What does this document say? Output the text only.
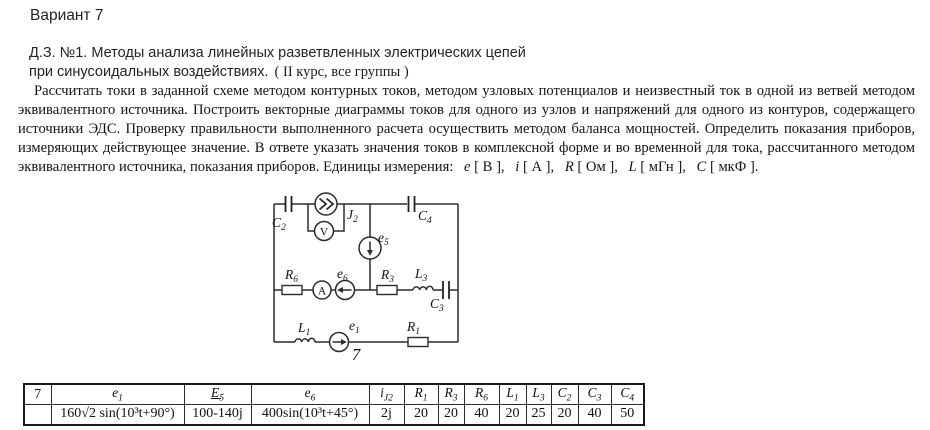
Вариант 7
Д.З. №1. Методы анализа линейных разветвленных электрических цепей
при синусоидальных воздействиях. ( II курс, все группы )

Рассчитать токи в заданной схеме методом контурных токов, методом узловых потенциалов и неизвестный ток в одной из ветвей методом эквивалентного источника. Построить векторные диаграммы токов для одного из узлов и напряжений для одного из контуров, содержащего источники ЭДС. Проверку правильности выполненного расчета осуществить методом баланса мощностей. Определить показания приборов, измеряющих действующее значение. В ответе указать значения токов в комплексной форме и во временной для тока, рассчитанного методом эквивалентного источника, показания приборов. Единицы измерения: e [ В ], i [ А ], R [ Ом ], L [ мГн ], C [ мкФ ].

V
A
$C_2$
$J_2$	$C_4$
$e_5$
$R_6$	$e_6$ $R_3$ $L_3$
$C_3$
$L_1$	$e_1$	$R_1$
7
7	$e_1$	$E_5$	$e_6$	$i_{J2}$	$R_1$	$R_3$	$R_6$	$L_1$	$L_3$	$C_2$	$C_3$	$C_4$
	160√2 sin(10³t+90°)	100-140j	400sin(10³t+45°)	2j	20	20	40	20	25	20	40	50
